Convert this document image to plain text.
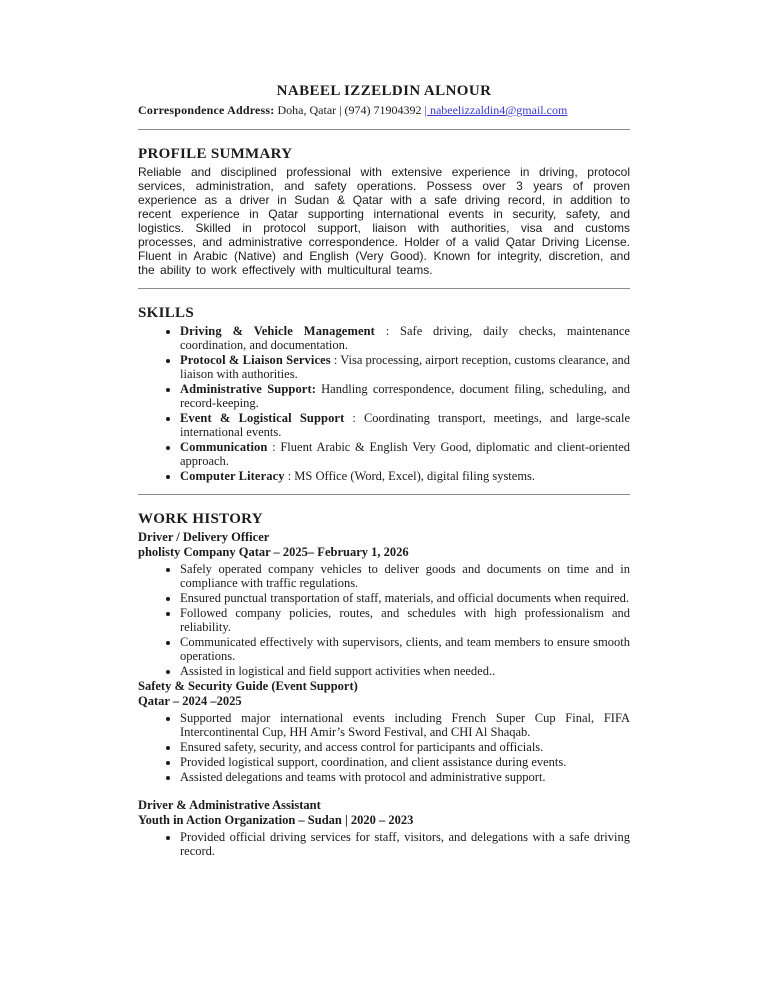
NABEEL IZZELDIN ALNOUR
Correspondence Address: Doha, Qatar | (974) 71904392 | nabeelizzaldin4@gmail.com
PROFILE SUMMARY

Reliable and disciplined professional with extensive experience in driving, protocol services, administration, and safety operations. Possess over 3 years of proven experience as a driver in Sudan & Qatar with a safe driving record, in addition to recent experience in Qatar supporting international events in security, safety, and logistics. Skilled in protocol support, liaison with authorities, visa and customs processes, and administrative correspondence. Holder of a valid Qatar Driving License. Fluent in Arabic (Native) and English (Very Good). Known for integrity, discretion, and the ability to work effectively with multicultural teams.

SKILLS
• Driving & Vehicle Management : Safe driving, daily checks, maintenance coordination, and documentation.
• Protocol & Liaison Services : Visa processing, airport reception, customs clearance, and liaison with authorities.
• Administrative Support: Handling correspondence, document filing, scheduling, and record-keeping.
• Event & Logistical Support : Coordinating transport, meetings, and large-scale international events.
• Communication : Fluent Arabic & English Very Good, diplomatic and client-oriented approach.
• Computer Literacy : MS Office (Word, Excel), digital filing systems.
WORK HISTORY
Driver / Delivery Officer
pholisty Company Qatar – 2025– February 1, 2026
• Safely operated company vehicles to deliver goods and documents on time and in compliance with traffic regulations.
• Ensured punctual transportation of staff, materials, and official documents when required.
• Followed company policies, routes, and schedules with high professionalism and reliability.
• Communicated effectively with supervisors, clients, and team members to ensure smooth operations.
• Assisted in logistical and field support activities when needed..
Safety & Security Guide (Event Support)
Qatar – 2024 –2025
• Supported major international events including French Super Cup Final, FIFA Intercontinental Cup, HH Amir’s Sword Festival, and CHI Al Shaqab.
• Ensured safety, security, and access control for participants and officials.
• Provided logistical support, coordination, and client assistance during events.
• Assisted delegations and teams with protocol and administrative support.
Driver & Administrative Assistant
Youth in Action Organization – Sudan | 2020 – 2023
• Provided official driving services for staff, visitors, and delegations with a safe driving record.
